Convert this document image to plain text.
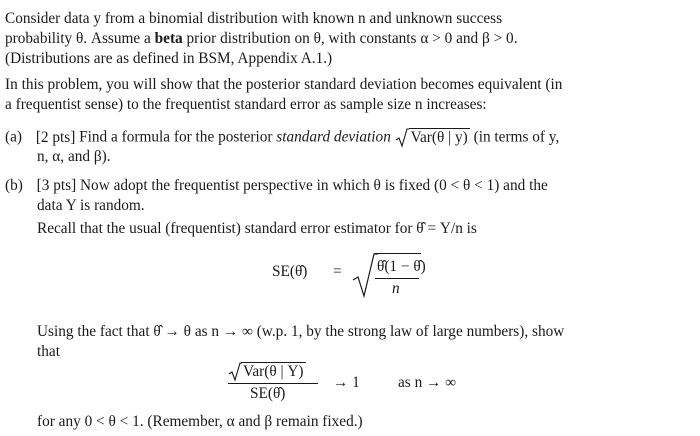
Consider data y from a binomial distribution with known n and unknown success
probability θ. Assume a beta prior distribution on θ, with constants α > 0 and β > 0.
(Distributions are as defined in BSM, Appendix A.1.)
In this problem, you will show that the posterior standard deviation becomes equivalent (in
a frequentist sense) to the frequentist standard error as sample size n increases:
(a) [2 pts] Find a formula for the posterior standard deviation Var(θ | y) (in terms of y,
n, α, and β).
(b) [3 pts] Now adopt the frequentist perspective in which θ is fixed (0 < θ < 1) and the
data Y is random.
Recall that the usual (frequentist) standard error estimator for θ̂ = Y/n is
SE(θ̂) = θ̂(1 − θ̂)
n
Using the fact that θ̂ → θ as n → ∞ (w.p. 1, by the strong law of large numbers), show
that
Var(θ | Y)
SE(θ̂)
→ 1 as n → ∞
for any 0 < θ < 1. (Remember, α and β remain fixed.)
